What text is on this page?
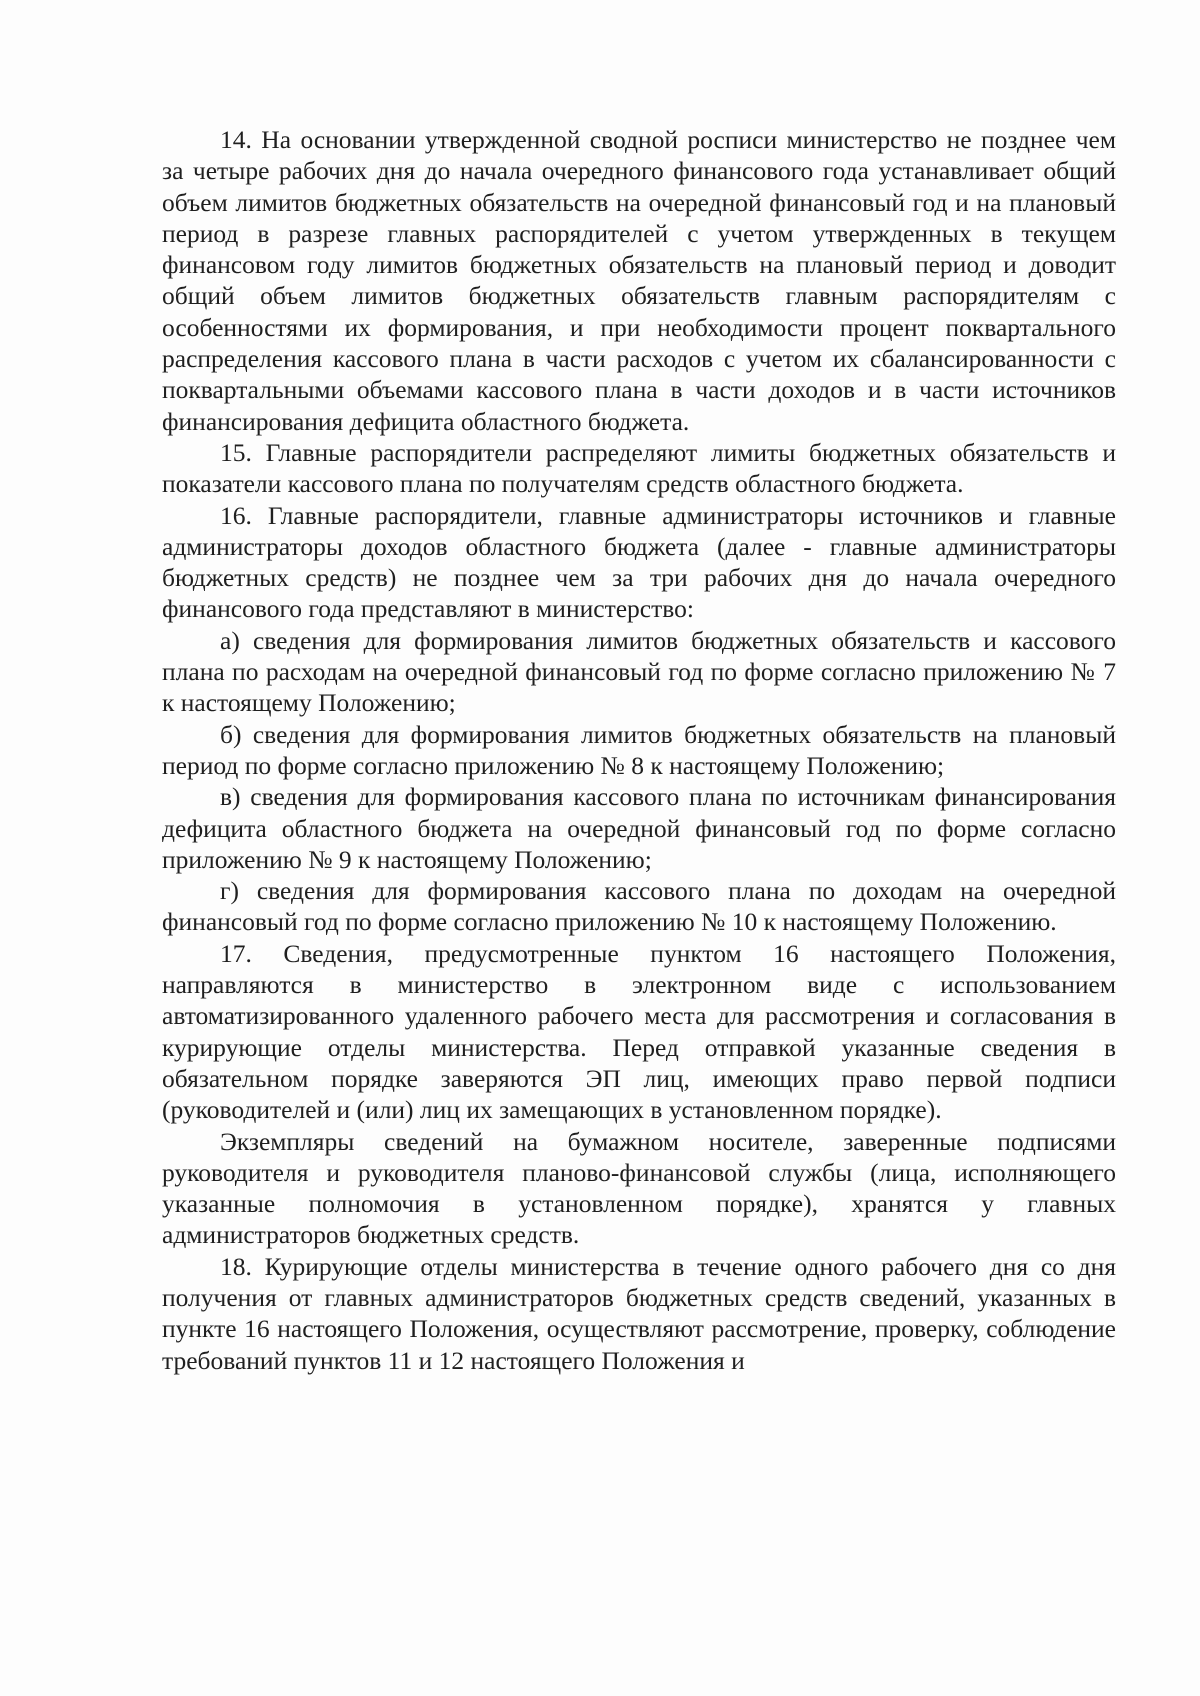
14. На основании утвержденной сводной росписи министерство не позднее чем за четыре рабочих дня до начала очередного финансового года устанавливает общий объем лимитов бюджетных обязательств на очередной финансовый год и на плановый период в разрезе главных распорядителей с учетом утвержденных в текущем финансовом году лимитов бюджетных обязательств на плановый период и доводит общий объем лимитов бюджетных обязательств главным распорядителям с особенностями их формирования, и при необходимости процент поквартального распределения кассового плана в части расходов с учетом их сбалансированности с поквартальными объемами кассового плана в части доходов и в части источников финансирования дефицита областного бюджета.

15. Главные распорядители распределяют лимиты бюджетных обязательств и показатели кассового плана по получателям средств областного бюджета.

16. Главные распорядители, главные администраторы источников и главные администраторы доходов областного бюджета (далее - главные администраторы бюджетных средств) не позднее чем за три рабочих дня до начала очередного финансового года представляют в министерство:

а) сведения для формирования лимитов бюджетных обязательств и кассового плана по расходам на очередной финансовый год по форме согласно приложению № 7 к настоящему Положению;

б) сведения для формирования лимитов бюджетных обязательств на плановый период по форме согласно приложению № 8 к настоящему Положению;

в) сведения для формирования кассового плана по источникам финансирования дефицита областного бюджета на очередной финансовый год по форме согласно приложению № 9 к настоящему Положению;

г) сведения для формирования кассового плана по доходам на очередной финансовый год по форме согласно приложению № 10 к настоящему Положению.

17. Сведения, предусмотренные пунктом 16 настоящего Положения, направляются в министерство в электронном виде с использованием автоматизированного удаленного рабочего места для рассмотрения и согласования в курирующие отделы министерства. Перед отправкой указанные сведения в обязательном порядке заверяются ЭП лиц, имеющих право первой подписи (руководителей и (или) лиц их замещающих в установленном порядке).

Экземпляры сведений на бумажном носителе, заверенные подписями руководителя и руководителя планово-финансовой службы (лица, исполняющего указанные полномочия в установленном порядке), хранятся у главных администраторов бюджетных средств.

18. Курирующие отделы министерства в течение одного рабочего дня со дня получения от главных администраторов бюджетных средств сведений, указанных в пункте 16 настоящего Положения, осуществляют рассмотрение, проверку, соблюдение требований пунктов 11 и 12 настоящего Положения и
